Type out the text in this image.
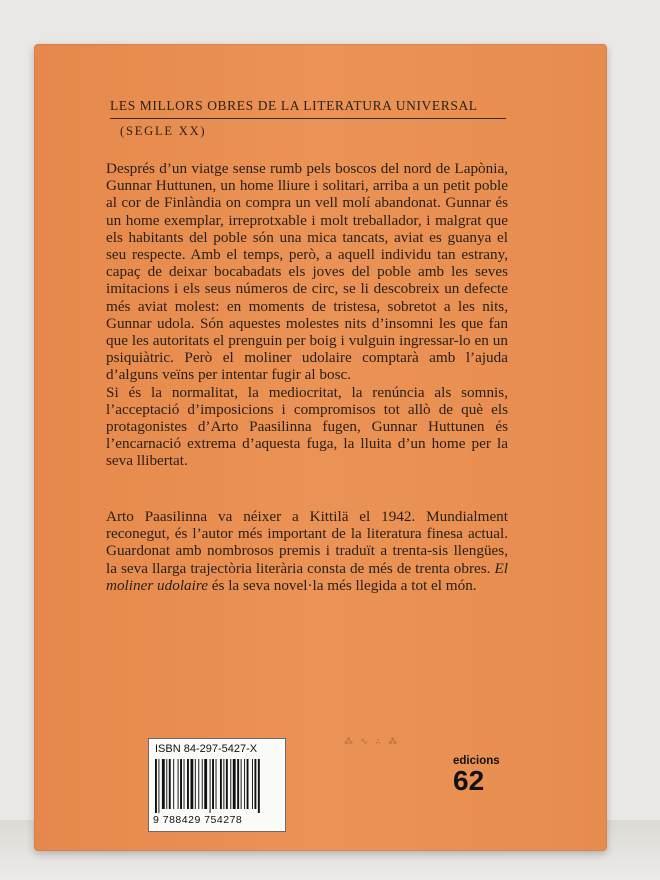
LES MILLORS OBRES DE LA LITERATURA UNIVERSAL
(SEGLE XX)

Després d’un viatge sense rumb pels boscos del nord de Lapònia, Gunnar Huttunen, un home lliure i solitari, arriba a un petit poble al cor de Finlàndia on compra un vell molí abandonat. Gunnar és un home exemplar, irreprotxable i molt treballador, i malgrat que els habitants del poble són una mica tancats, aviat es guanya el seu respecte. Amb el temps, però, a aquell individu tan estrany, capaç de deixar bocabadats els joves del poble amb les seves imitacions i els seus números de circ, se li descobreix un defecte més aviat molest: en moments de tristesa, sobretot a les nits, Gunnar udola. Són aquestes molestes nits d’insomni les que fan que les autoritats el prenguin per boig i vulguin ingressar-lo en un psiquiàtric. Però el moliner udolaire comptarà amb l’ajuda d’alguns veïns per intentar fugir al bosc.

Si és la normalitat, la mediocritat, la renúncia als somnis, l’acceptació d’imposicions i compromisos tot allò de què els protagonistes d’Arto Paasilinna fugen, Gunnar Huttunen és l’encarnació extrema d’aquesta fuga, la lluita d’un home per la seva llibertat.

Arto Paasilinna va néixer a Kittilä el 1942. Mundialment reconegut, és l’autor més important de la literatura finesa actual. Guardonat amb nombrosos premis i traduït a trenta-sis llengües, la seva llarga trajectòria literària consta de més de trenta obres. El moliner udolaire és la seva novel·la més llegida a tot el món.
ISBN 84-297-5427-X
9 788429 754278
⁂ ∿ ∴ ⁂
edicions
62
